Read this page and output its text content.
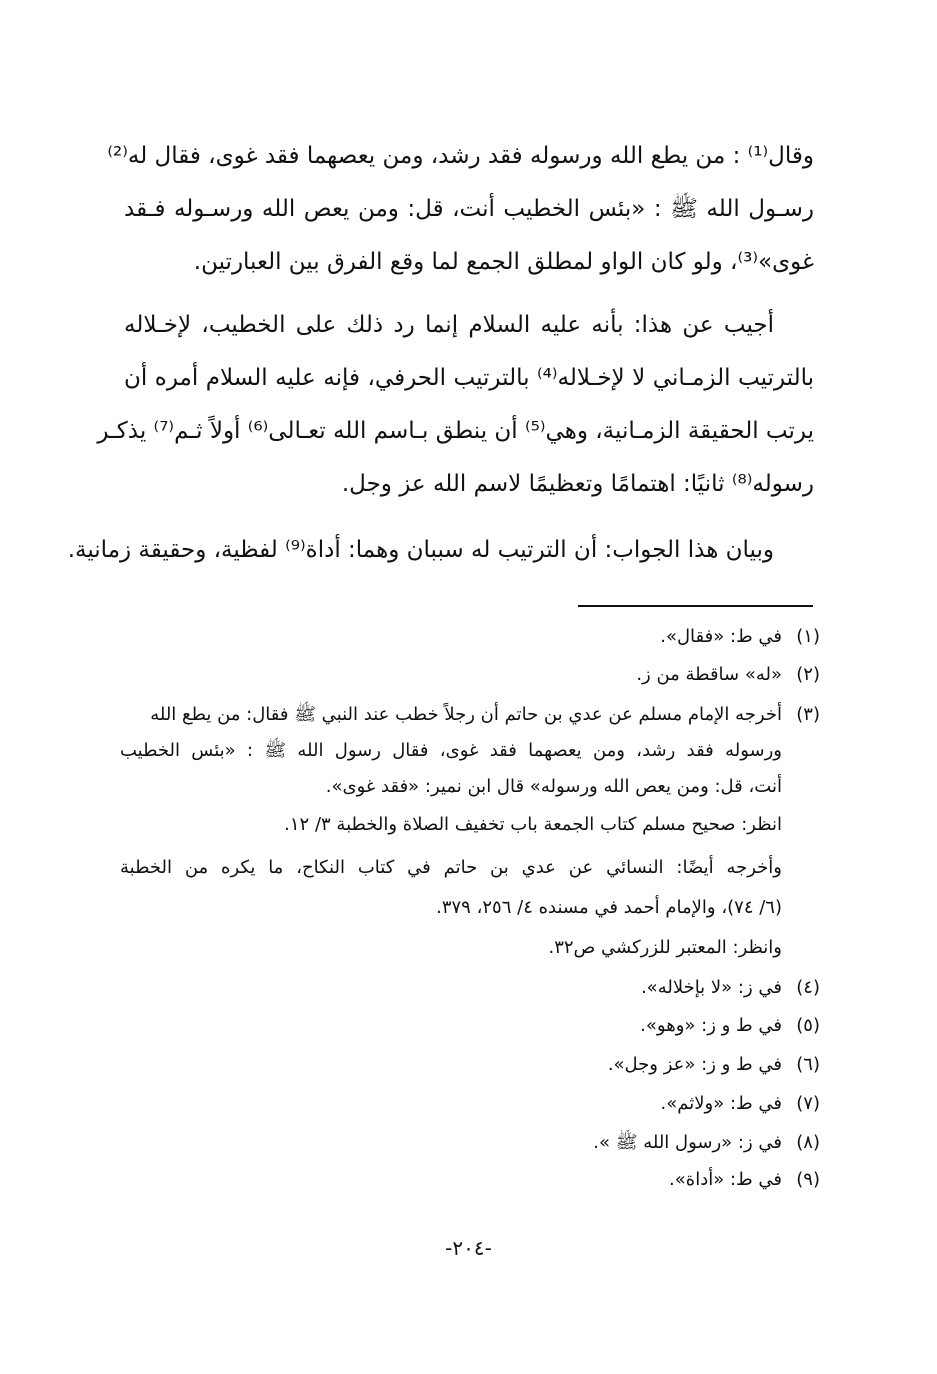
وقال⁽¹⁾ : من يطع الله ورسوله فقد رشد، ومن يعصهما فقد غوى، فقال له⁽²⁾
رسـول الله ﷺ : «بئس الخطيب أنت، قل: ومن يعص الله ورسـوله فـقد
غوى»⁽³⁾، ولو كان الواو لمطلق الجمع لما وقع الفرق بين العبارتين.
أجيب عن هذا: بأنه عليه السلام إنما رد ذلك على الخطيب، لإخـلاله
بالترتيب الزمـاني لا لإخـلاله⁽⁴⁾ بالترتيب الحرفي، فإنه عليه السلام أمره أن
يرتب الحقيقة الزمـانية، وهي⁽⁵⁾ أن ينطق بـاسم الله تعـالى⁽⁶⁾ أولاً ثـم⁽⁷⁾ يذكـر
رسوله⁽⁸⁾ ثانيًا: اهتمامًا وتعظيمًا لاسم الله عز وجل.
وبيان هذا الجواب: أن الترتيب له سببان وهما: أداة⁽⁹⁾ لفظية، وحقيقة زمانية.
(١)
في ط: «فقال».
(٢)
«له» ساقطة من ز.
(٣)
أخرجه الإمام مسلم عن عدي بن حاتم أن رجلاً خطب عند النبي ﷺ فقال: من يطع الله
ورسوله فقد رشد، ومن يعصهما فقد غوى، فقال رسول الله ﷺ : «بئس الخطيب
أنت، قل: ومن يعص الله ورسوله» قال ابن نمير: «فقد غوى».
انظر: صحيح مسلم كتاب الجمعة باب تخفيف الصلاة والخطبة ٣/ ١٢.
وأخرجه أيضًا: النسائي عن عدي بن حاتم في كتاب النكاح، ما يكره من الخطبة
(٦/ ٧٤)، والإمام أحمد في مسنده ٤/ ٢٥٦، ٣٧٩.
وانظر: المعتبر للزركشي ص٣٢.
(٤)
في ز: «لا بإخلاله».
(٥)
في ط و ز: «وهو».
(٦)
في ط و ز: «عز وجل».
(٧)
في ط: «ولاثم».
(٨)
في ز: «رسول الله ﷺ ».
(٩)
في ط: «أداة».
-٢٠٤-
